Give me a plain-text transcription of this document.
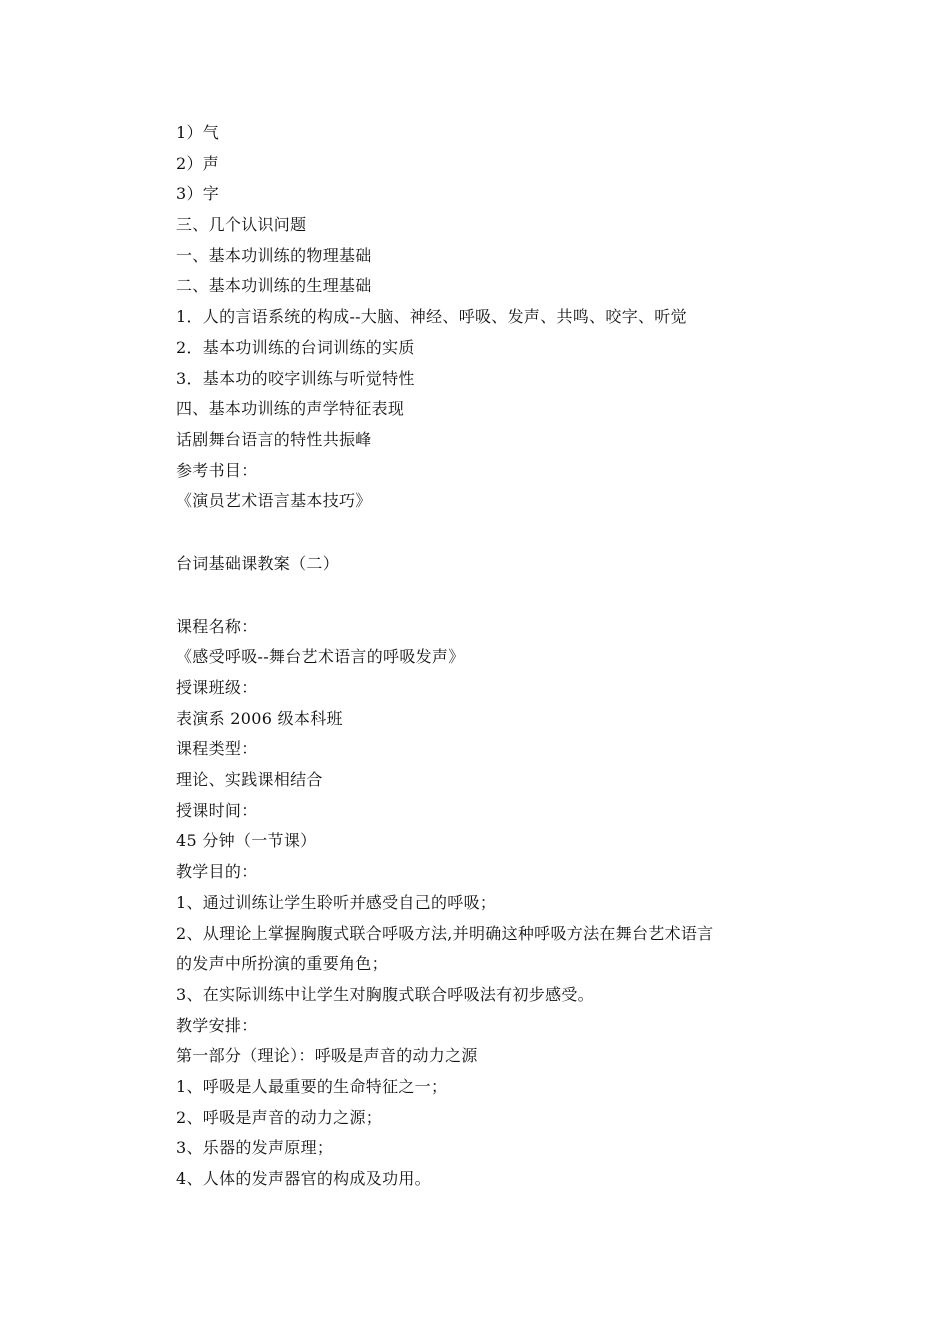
1）气
2）声
3）字
三、几个认识问题
一、基本功训练的物理基础
二、基本功训练的生理基础
1．人的言语系统的构成--大脑、神经、呼吸、发声、共鸣、咬字、听觉
2．基本功训练的台词训练的实质
3．基本功的咬字训练与听觉特性
四、基本功训练的声学特征表现
话剧舞台语言的特性共振峰
参考书目：
《演员艺术语言基本技巧》
台词基础课教案（二）
课程名称：
《感受呼吸--舞台艺术语言的呼吸发声》
授课班级：
表演系 2006 级本科班
课程类型：
理论、实践课相结合
授课时间：
45 分钟（一节课）
教学目的：
1、通过训练让学生聆听并感受自己的呼吸；
2、从理论上掌握胸腹式联合呼吸方法,并明确这种呼吸方法在舞台艺术语言
的发声中所扮演的重要角色；
3、在实际训练中让学生对胸腹式联合呼吸法有初步感受。
教学安排：
第一部分（理论）：呼吸是声音的动力之源
1、呼吸是人最重要的生命特征之一；
2、呼吸是声音的动力之源；
3、乐器的发声原理；
4、人体的发声器官的构成及功用。
